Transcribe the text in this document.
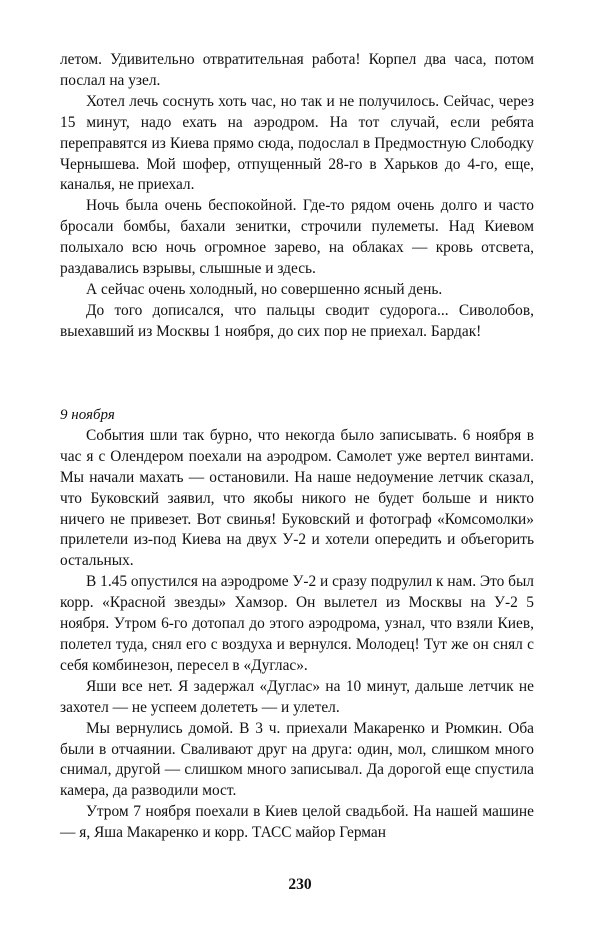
летом. Удивительно отвратительная работа! Корпел два часа, потом послал на узел.

Хотел лечь соснуть хоть час, но так и не получилось. Сейчас, через 15 минут, надо ехать на аэродром. На тот случай, если ребята переправятся из Киева прямо сюда, подослал в Предмостную Слободку Чернышева. Мой шофер, отпущенный 28-го в Харьков до 4-го, еще, каналья, не приехал.

Ночь была очень беспокойной. Где-то рядом очень долго и часто бросали бомбы, бахали зенитки, строчили пулеметы. Над Киевом полыхало всю ночь огромное зарево, на облаках — кровь отсвета, раздавались взрывы, слышные и здесь.

А сейчас очень холодный, но совершенно ясный день.

До того дописался, что пальцы сводит судорога... Сиволобов, выехавший из Москвы 1 ноября, до сих пор не приехал. Бардак!

9 ноября

События шли так бурно, что некогда было записывать. 6 ноября в час я с Олендером поехали на аэродром. Самолет уже вертел винтами. Мы начали махать — остановили. На наше недоумение летчик сказал, что Буковский заявил, что якобы никого не будет больше и никто ничего не привезет. Вот свинья! Буковский и фотограф «Комсомолки» прилетели из-под Киева на двух У-2 и хотели опередить и объегорить остальных.

В 1.45 опустился на аэродроме У-2 и сразу подрулил к нам. Это был корр. «Красной звезды» Хамзор. Он вылетел из Москвы на У-2 5 ноября. Утром 6-го дотопал до этого аэродрома, узнал, что взяли Киев, полетел туда, снял его с воздуха и вернулся. Молодец! Тут же он снял с себя комбинезон, пересел в «Дуглас».

Яши все нет. Я задержал «Дуглас» на 10 минут, дальше летчик не захотел — не успеем долететь — и улетел.

Мы вернулись домой. В 3 ч. приехали Макаренко и Рюмкин. Оба были в отчаянии. Сваливают друг на друга: один, мол, слишком много снимал, другой — слишком много записывал. Да дорогой еще спустила камера, да разводили мост.

Утром 7 ноября поехали в Киев целой свадьбой. На нашей машине — я, Яша Макаренко и корр. ТАСС майор Герман

230
